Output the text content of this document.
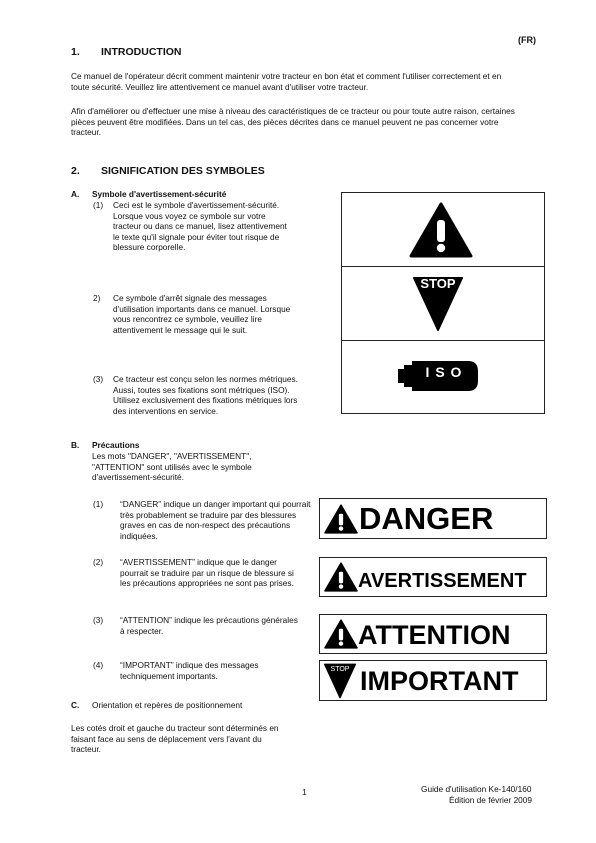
(FR)
1. INTRODUCTION

Ce manuel de l'opérateur décrit comment maintenir votre tracteur en bon état et comment l'utiliser correctement et en toute sécurité. Veuillez lire attentivement ce manuel avant d'utiliser votre tracteur.

Afin d'améliorer ou d'effectuer une mise à niveau des caractéristiques de ce tracteur ou pour toute autre raison, certaines pièces peuvent être modifiées. Dans un tel cas, des pièces décrites dans ce manuel peuvent ne pas concerner votre tracteur.

2. SIGNIFICATION DES SYMBOLES
A. Symbole d'avertissement-sécurité
(1) Ceci est le symbole d'avertissement-sécurité. Lorsque vous voyez ce symbole sur votre tracteur ou dans ce manuel, lisez attentivement le texte qu'il signale pour éviter tout risque de blessure corporelle.

2) Ce symbole d'arrêt signale des messages d'utilisation importants dans ce manuel. Lorsque vous rencontrez ce symbole, veuillez lire attentivement le message qui le suit.

(3) Ce tracteur est conçu selon les normes métriques. Aussi, toutes ses fixations sont métriques (ISO). Utilisez exclusivement des fixations métriques lors des interventions en service.

STOP
I S O
B. Précautions

Les mots "DANGER", "AVERTISSEMENT", "ATTENTION" sont utilisés avec le symbole d'avertissement-sécurité.

(1) “DANGER” indique un danger important qui pourrait très probablement se traduire par des blessures graves en cas de non-respect des précautions indiquées.

(2) “AVERTISSEMENT” indique que le danger pourrait se traduire par un risque de blessure si les précautions appropriées ne sont pas prises.

(3) “ATTENTION” indique les précautions générales à respecter.

(4) “IMPORTANT” indique des messages techniquement importants.

DANGER
AVERTISSEMENT
ATTENTION
STOP IMPORTANT
C. Orientation et repères de positionnement

Les cotés droit et gauche du tracteur sont déterminés en faisant face au sens de déplacement vers l'avant du tracteur.

1	Guide d'utilisation Ke-140/160
Édition de février 2009
